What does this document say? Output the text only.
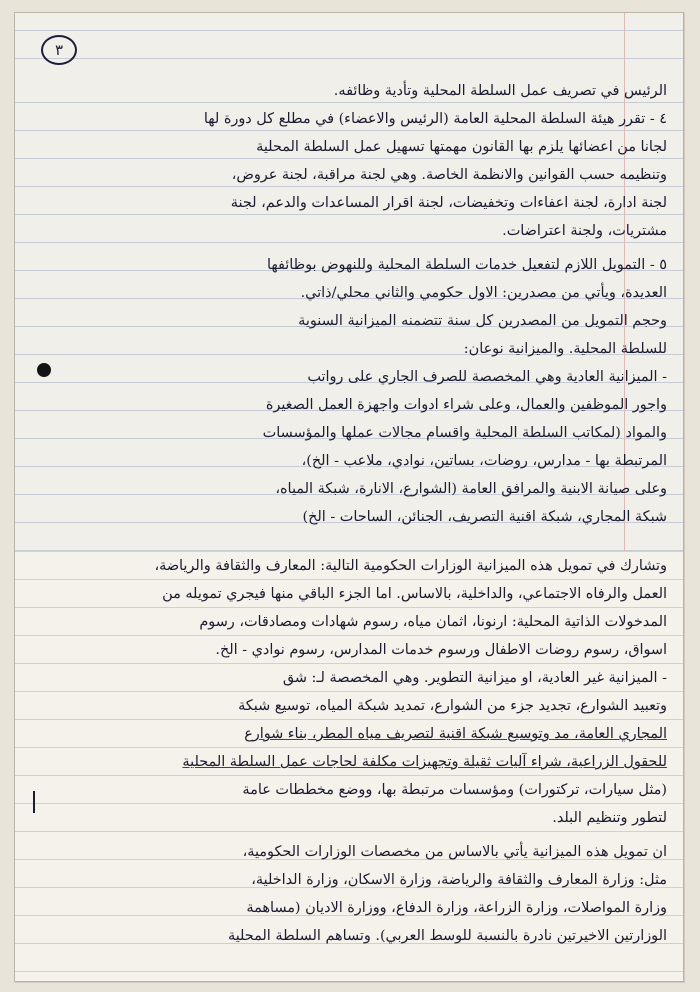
٣

الرئيس في تصريف عمل السلطة المحلية وتأدية وظائفه.

٤ - تقرر هيئة السلطة المحلية العامة (الرئيس والاعضاء) في مطلع كل دورة لها

لجانا من اعضائها يلزم بها القانون مهمتها تسهيل عمل السلطة المحلية

وتنظيمه حسب القوانين والانظمة الخاصة. وهي لجنة مراقبة، لجنة عروض،

لجنة ادارة، لجنة اعفاءات وتخفيضات، لجنة اقرار المساعدات والدعم، لجنة

مشتريات، ولجنة اعتراضات.

٥ - التمويل اللازم لتفعيل خدمات السلطة المحلية وللنهوض بوظائفها

العديدة، ويأتي من مصدرين: الاول حكومي والثاني محلي/ذاتي.

وحجم التمويل من المصدرين كل سنة تتضمنه الميزانية السنوية

للسلطة المحلية. والميزانية نوعان:

- الميزانية العادية وهي المخصصة للصرف الجاري على رواتب

واجور الموظفين والعمال، وعلى شراء ادوات واجهزة العمل الصغيرة

والمواد (لمكاتب السلطة المحلية واقسام مجالات عملها والمؤسسات

المرتبطة بها - مدارس، روضات، بساتين، نوادي، ملاعب - الخ)،

وعلى صيانة الابنية والمرافق العامة (الشوارع، الانارة، شبكة المياه،

شبكة المجاري، شبكة اقنية التصريف، الجنائن، الساحات - الخ)

وتشارك في تمويل هذه الميزانية الوزارات الحكومية التالية: المعارف والثقافة والرياضة،

العمل والرفاه الاجتماعي، والداخلية، بالاساس. اما الجزء الباقي منها فيجري تمويله من

المدخولات الذاتية المحلية: ارنونا، اثمان مياه، رسوم شهادات ومصادقات، رسوم

اسواق، رسوم روضات الاطفال ورسوم خدمات المدارس، رسوم نوادي - الخ.

- الميزانية غير العادية، او ميزانية التطوير. وهي المخصصة لـ: شق

وتعبيد الشوارع، تجديد جزء من الشوارع، تمديد شبكة المياه، توسيع شبكة

المجاري العامة، مد وتوسيع شبكة اقنية لتصريف مياه المطر، بناء شوارع

للحقول الزراعية، شراء آليات ثقيلة وتجهيزات مكلفة لحاجات عمل السلطة المحلية

(مثل سيارات، تركتورات) ومؤسسات مرتبطة بها، ووضع مخططات عامة

لتطور وتنظيم البلد.

ان تمويل هذه الميزانية يأتي بالاساس من مخصصات الوزارات الحكومية،

مثل: وزارة المعارف والثقافة والرياضة، وزارة الاسكان، وزارة الداخلية،

وزارة المواصلات، وزارة الزراعة، وزارة الدفاع، ووزارة الاديان (مساهمة

الوزارتين الاخيرتين نادرة بالنسبة للوسط العربي). وتساهم السلطة المحلية
